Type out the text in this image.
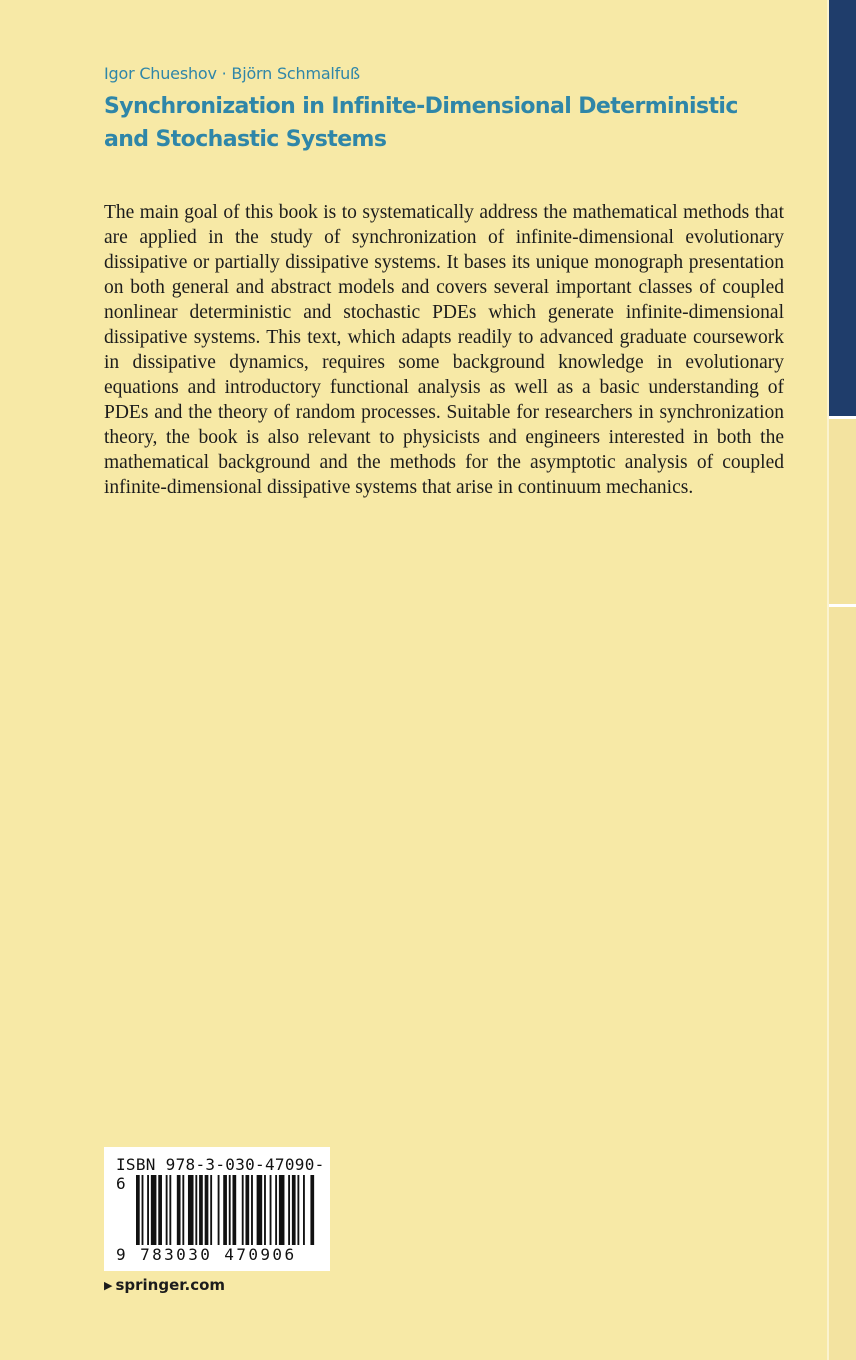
Igor Chueshov · Björn Schmalfuß
Synchronization in Infinite-Dimensional Deterministic and Stochastic Systems

The main goal of this book is to systematically address the mathematical methods that are applied in the study of synchronization of infinite-dimensional evolutionary dissipative or partially dissipative systems. It bases its unique monograph presentation on both general and abstract models and covers several important classes of coupled nonlinear deterministic and stochastic PDEs which generate infinite-dimensional dissipative systems. This text, which adapts readily to advanced graduate coursework in dissipative dynamics, requires some background knowledge in evolutionary equations and introductory functional analysis as well as a basic understanding of PDEs and the theory of random processes. Suitable for researchers in synchronization theory, the book is also relevant to physicists and engineers interested in both the mathematical background and the methods for the asymptotic analysis of coupled infinite-dimensional dissipative systems that arise in continuum mechanics.

ISBN 978-3-030-47090-6
9 783030 470906
▶ springer.com
